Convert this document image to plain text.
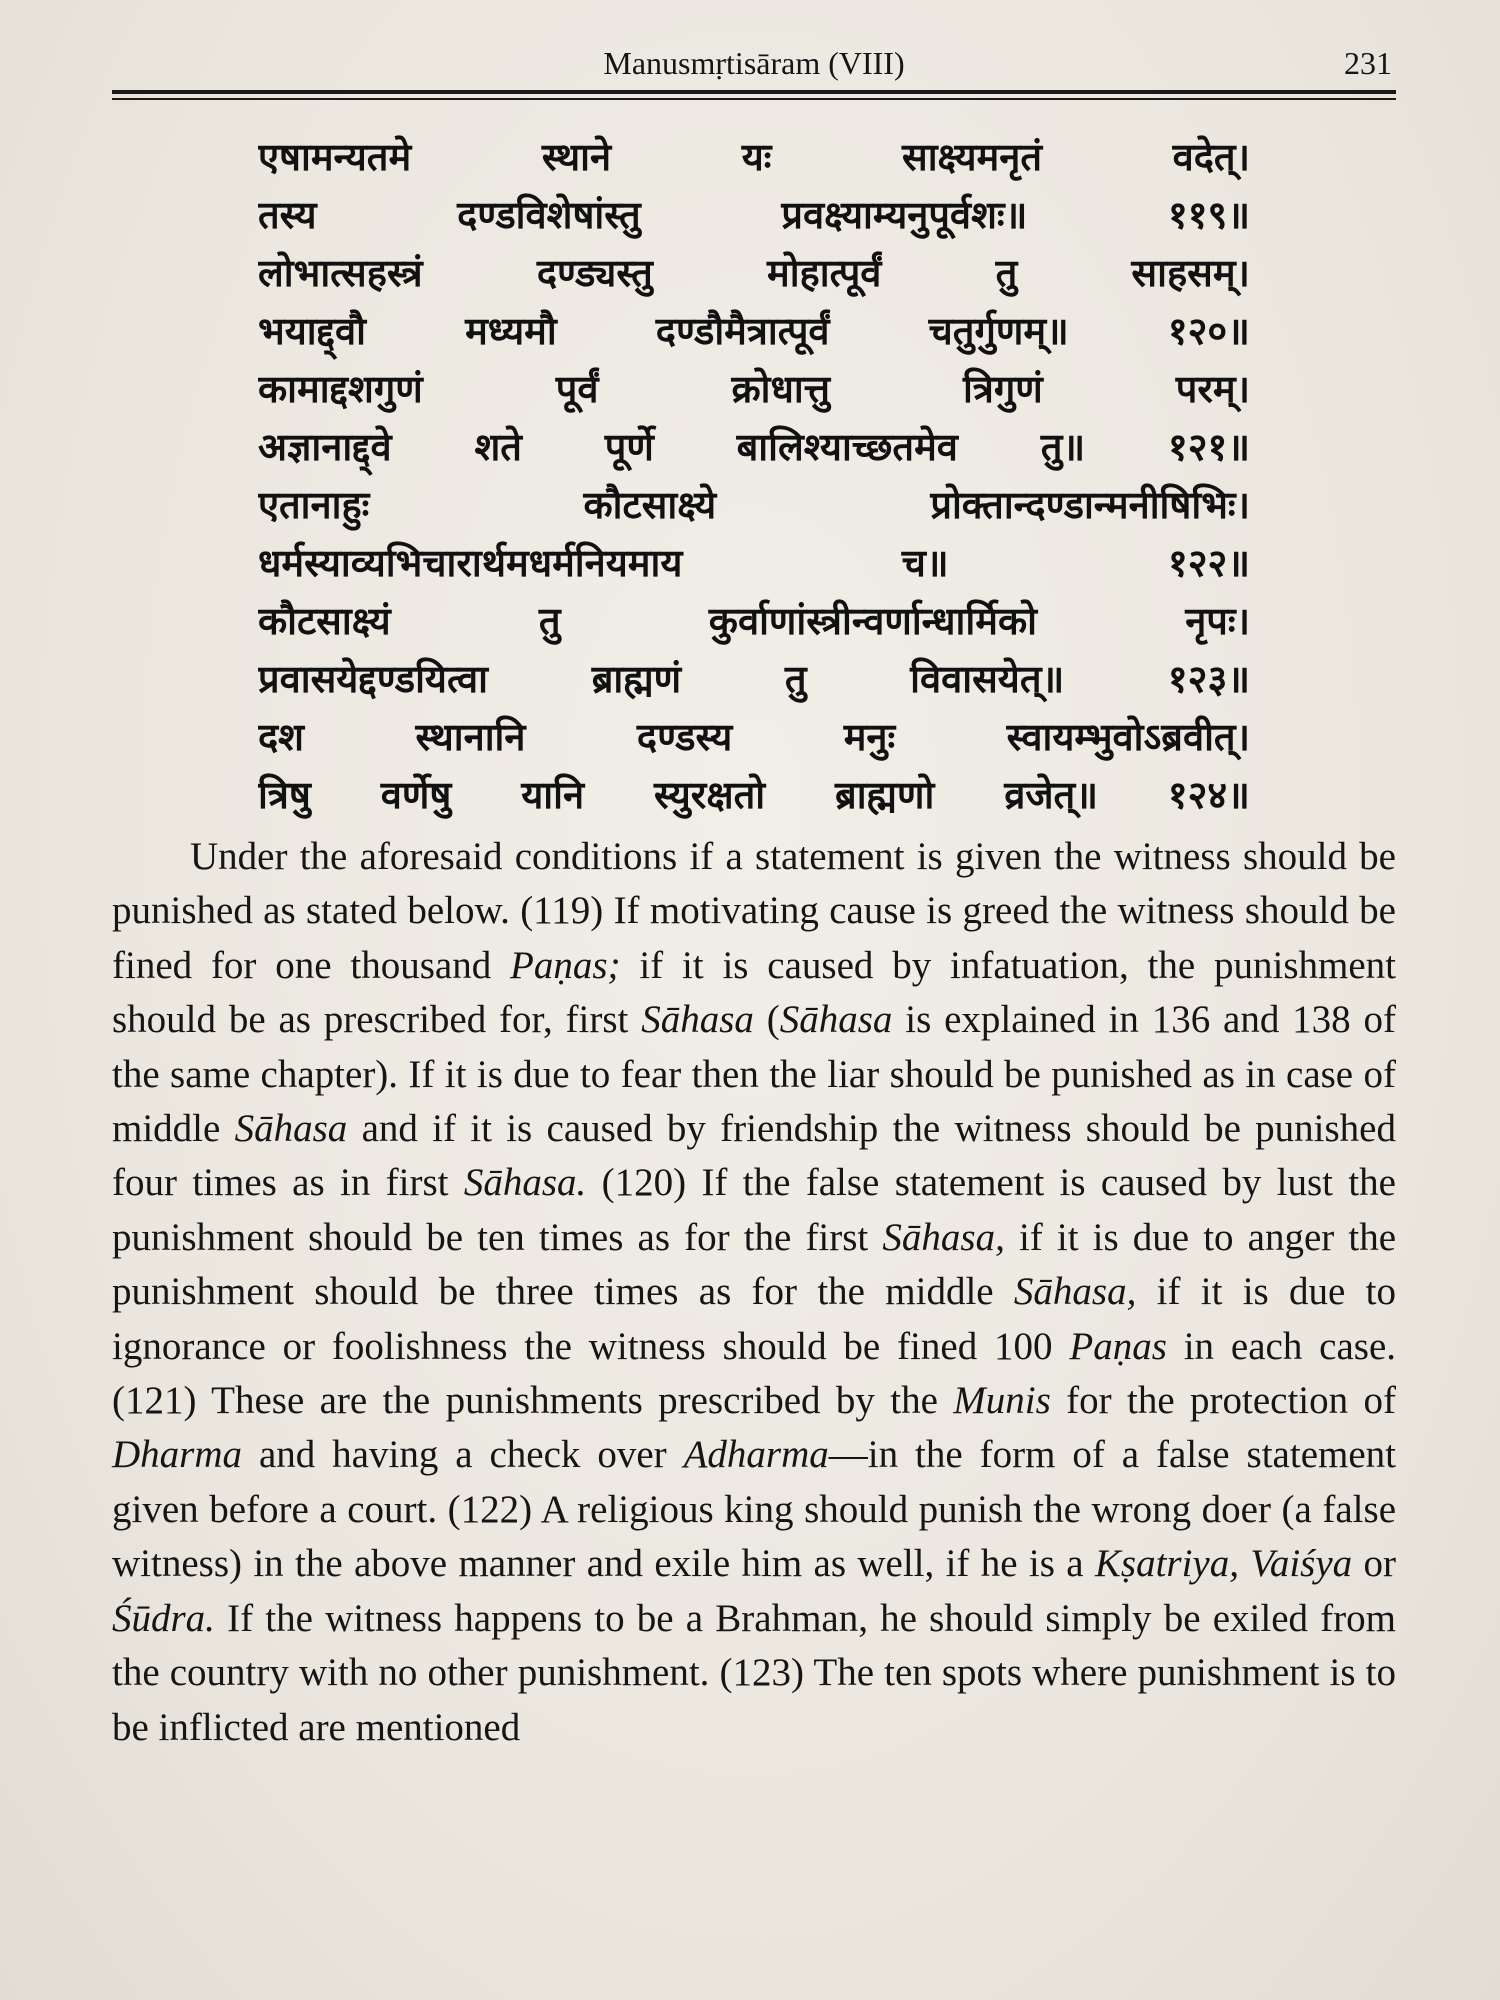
Manusmṛtisāram (VIII)	231
एषामन्यतमे	स्थाने	यः	साक्ष्यमनृतं	वदेत्।
तस्य	दण्डविशेषांस्तु	प्रवक्ष्याम्यनुपूर्वशः॥	११९॥
लोभात्सहस्त्रं	दण्ड्यस्तु	मोहात्पूर्वं	तु	साहसम्।
भयाद्द्वौ	मध्यमौ	दण्डौमैत्रात्पूर्वं	चतुर्गुणम्॥	१२०॥
कामाद्दशगुणं	पूर्वं	क्रोधात्तु	त्रिगुणं	परम्।
अज्ञानाद्द्वे शते पूर्णे बालिश्याच्छतमेव तु॥ १२१॥
एतानाहुः	कौटसाक्ष्ये	प्रोक्तान्दण्डान्मनीषिभिः।
धर्मस्याव्यभिचारार्थमधर्मनियमाय	च॥	१२२॥
कौटसाक्ष्यं	तु	कुर्वाणांस्त्रीन्वर्णान्धार्मिको	नृपः।
प्रवासयेद्दण्डयित्वा	ब्राह्मणं	तु	विवासयेत्॥	१२३॥
दश	स्थानानि	दण्डस्य	मनुः	स्वायम्भुवोऽब्रवीत्।
त्रिषु वर्णेषु यानि स्युरक्षतो ब्राह्मणो व्रजेत्॥ १२४॥

Under the aforesaid conditions if a statement is given the witness should be punished as stated below. (119) If motivating cause is greed the witness should be fined for one thousand Paṇas; if it is caused by infatuation, the punishment should be as prescribed for, first Sāhasa (Sāhasa is explained in 136 and 138 of the same chapter). If it is due to fear then the liar should be punished as in case of middle Sāhasa and if it is caused by friendship the witness should be punished four times as in first Sāhasa. (120) If the false statement is caused by lust the punishment should be ten times as for the first Sāhasa, if it is due to anger the punishment should be three times as for the middle Sāhasa, if it is due to ignorance or foolishness the witness should be fined 100 Paṇas in each case. (121) These are the punishments prescribed by the Munis for the protection of Dharma and having a check over Adharma—in the form of a false statement given before a court. (122) A religious king should punish the wrong doer (a false witness) in the above manner and exile him as well, if he is a Kṣatriya, Vaiśya or Śūdra. If the witness happens to be a Brahman, he should simply be exiled from the country with no other punishment. (123) The ten spots where punishment is to be inflicted are mentioned
